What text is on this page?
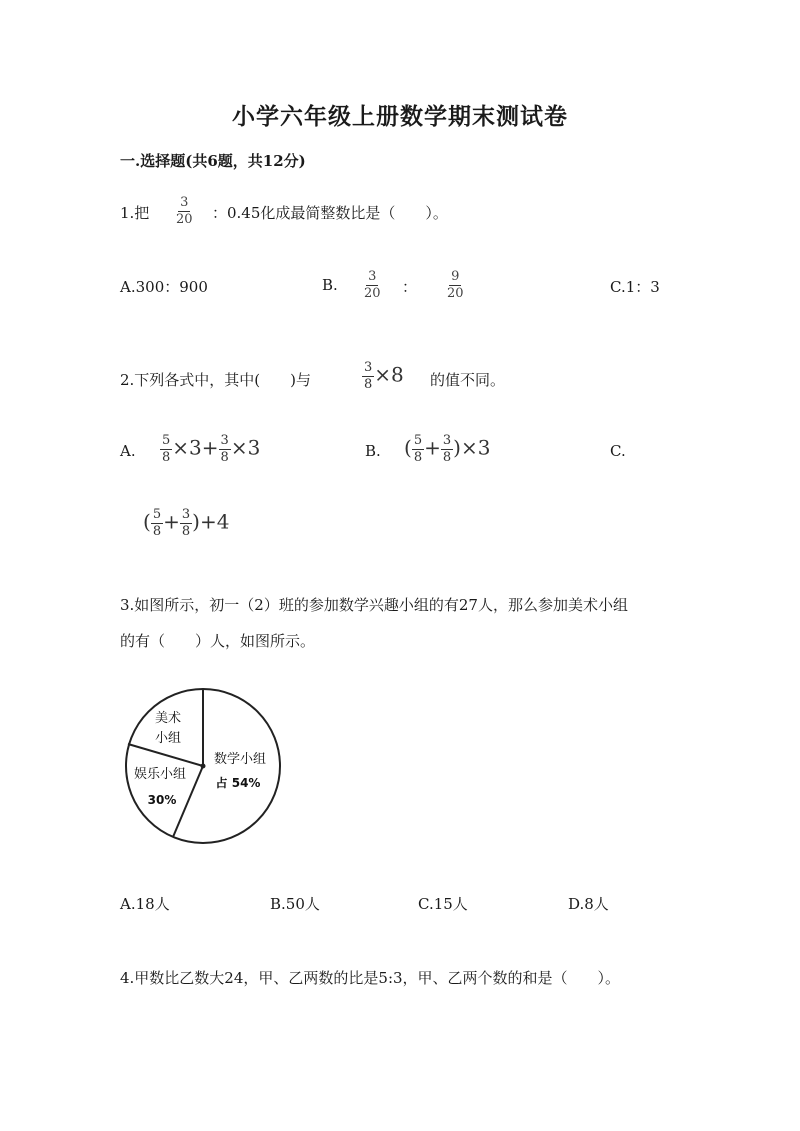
小学六年级上册数学期末测试卷
一.选择题(共6题，共12分)
1.把 $\frac{3}{20}$ ：0.45化成最简整数比是（　　）。
A.300：900	B. $\frac{3}{20}$ ： $\frac{9}{20}$	C.1：3
2.下列各式中，其中(　　)与	$\frac{3}{8} \times 8$ 的值不同。
A. $\frac{5}{8} \times 3+ \frac{3}{8} \times 3$	B. ( $\frac{5}{8} + \frac{3}{8} )\times 3$	C.
( $\frac{5}{8} + \frac{3}{8} )+4$
3.如图所示，初一（2）班的参加数学兴趣小组的有27人，那么参加美术小组
的有（　　）人，如图所示。
美术
小组
娱乐小组
30%
数学小组
占 54%
A.18人	B.50人	C.15人	D.8人
4.甲数比乙数大24，甲、乙两数的比是5:3，甲、乙两个数的和是（　　）。
